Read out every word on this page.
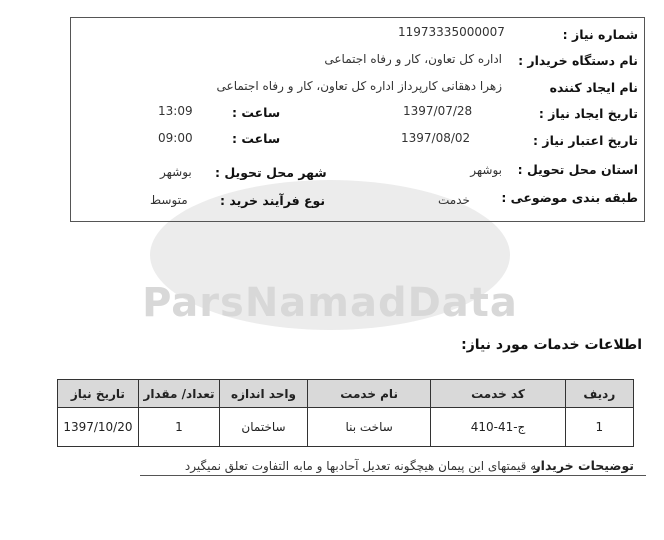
ParsNamadData
شماره نیاز :
11973335000007
نام دستگاه خریدار :
اداره کل تعاون، کار و رفاه اجتماعی
نام ایجاد کننده
زهرا دهقانی کارپرداز اداره کل تعاون، کار و رفاه اجتماعی
تاریخ ایجاد نیاز :
1397/07/28
ساعت :
13:09
تاریخ اعتبار نیاز :
1397/08/02
ساعت :
09:00
استان محل تحویل :
بوشهر
شهر محل تحویل :
بوشهر
طبقه بندی موضوعی :
خدمت
نوع فرآیند خرید :
متوسط
اطلاعات خدمات مورد نیاز:
ردیف	کد خدمت	نام خدمت	واحد اندازه	تعداد/ مقدار	تاریخ نیاز
1	ج-41-410	ساخت بنا	ساختمان	1	1397/10/20
توضیحات خریدار
به قیمتهای این پیمان هیچگونه تعدیل آحادبها و مابه التفاوت تعلق نمیگیرد
